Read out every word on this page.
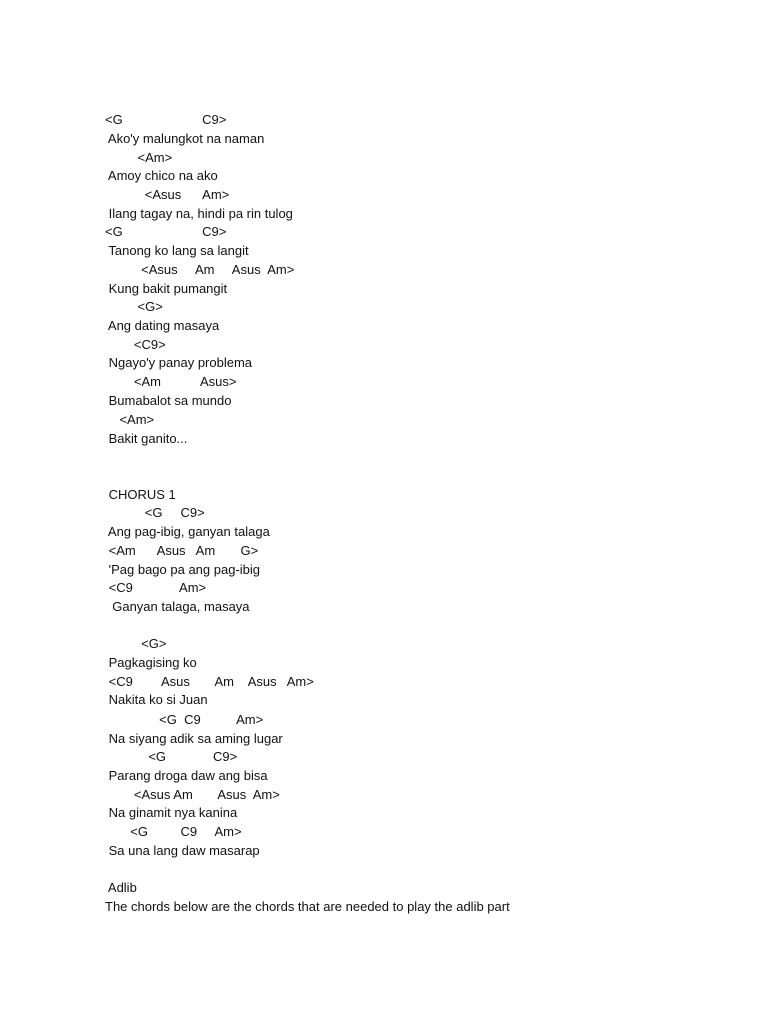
<G                      C9>

Ako'y malungkot na naman

<Am>

Amoy chico na ako

<Asus      Am>

Ilang tagay na, hindi pa rin tulog

<G                      C9>

Tanong ko lang sa langit

<Asus     Am     Asus  Am>

Kung bakit pumangit

<G>

Ang dating masaya

<C9>

Ngayo'y panay problema

<Am           Asus>

Bumabalot sa mundo

<Am>

Bakit ganito...

CHORUS 1

<G     C9>

Ang pag-ibig, ganyan talaga

<Am      Asus   Am       G>

'Pag bago pa ang pag-ibig

<C9             Am>

Ganyan talaga, masaya

<G>

Pagkagising ko

<C9        Asus       Am    Asus   Am>

Nakita ko si Juan

<G  C9          Am>

Na siyang adik sa aming lugar

<G             C9>

Parang droga daw ang bisa

<Asus Am       Asus  Am>

Na ginamit nya kanina

<G         C9     Am>

Sa una lang daw masarap

Adlib

The chords below are the chords that are needed to play the adlib part
